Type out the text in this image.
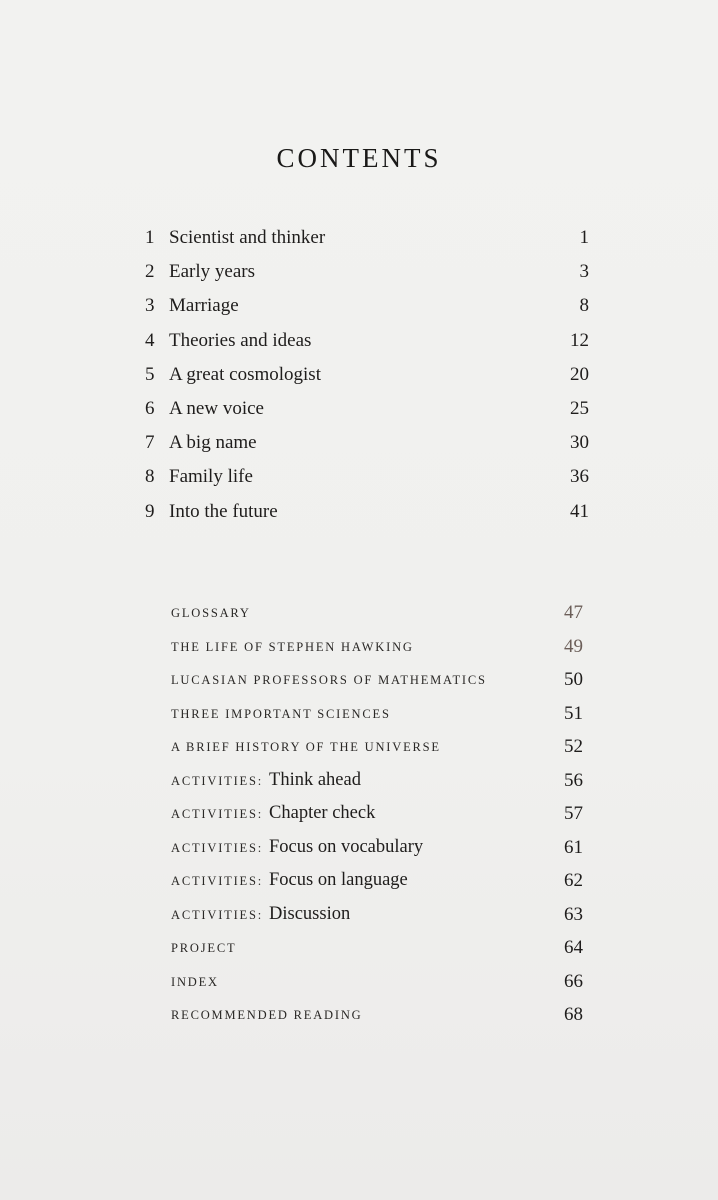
CONTENTS
1 Scientist and thinker	1
2 Early years	3
3 Marriage	8
4 Theories and ideas	12
5 A great cosmologist	20
6 A new voice	25
7 A big name	30
8 Family life	36
9 Into the future	41
GLOSSARY	47
THE LIFE OF STEPHEN HAWKING	49
LUCASIAN PROFESSORS OF MATHEMATICS	50
THREE IMPORTANT SCIENCES	51
A BRIEF HISTORY OF THE UNIVERSE	52
ACTIVITIES: Think ahead	56
ACTIVITIES: Chapter check	57
ACTIVITIES: Focus on vocabulary	61
ACTIVITIES: Focus on language	62
ACTIVITIES: Discussion	63
PROJECT	64
INDEX	66
RECOMMENDED READING	68
